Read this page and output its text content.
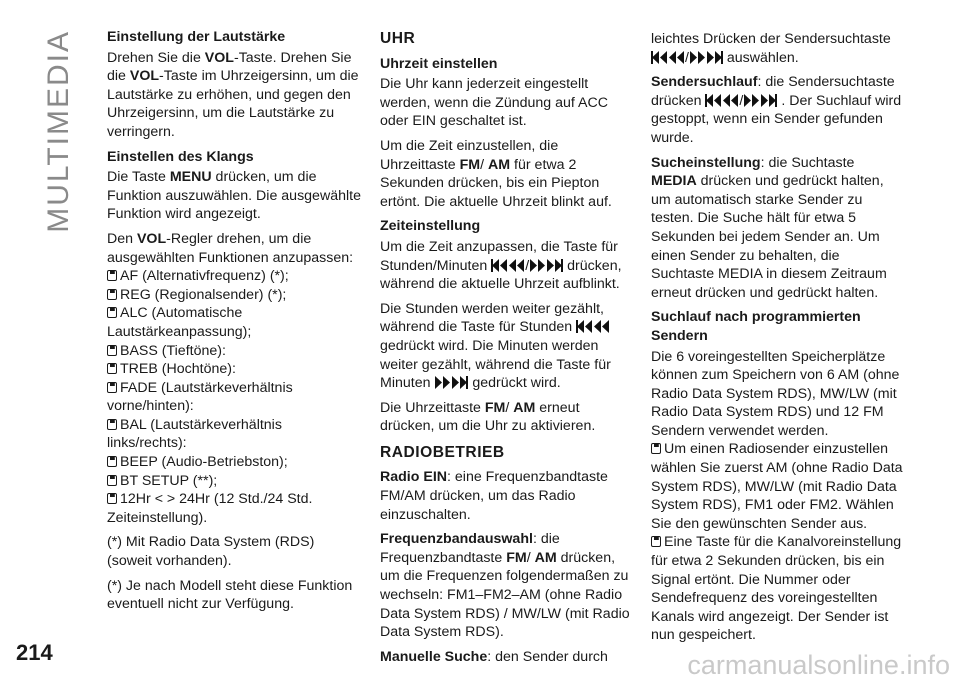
MULTIMEDIA
214	carmanualsonline.info
Einstellung der Lautstärke

Drehen Sie die VOL-Taste. Drehen Sie die VOL-Taste im Uhrzeigersinn, um die Lautstärke zu erhöhen, und gegen den Uhrzeigersinn, um die Lautstärke zu verringern.

Einstellen des Klangs

Die Taste MENU drücken, um die Funktion auszuwählen. Die ausgewählte Funktion wird angezeigt.

Den VOL-Regler drehen, um die ausgewählten Funktionen anzupassen:

AF (Alternativfrequenz) (*);

REG (Regionalsender) (*);

ALC (Automatische Lautstärkeanpassung);

BASS (Tieftöne):

TREB (Hochtöne):

FADE (Lautstärkeverhältnis vorne/hinten):

BAL (Lautstärkeverhältnis links/rechts):

BEEP (Audio-Betriebston);

BT SETUP (**);

12Hr < > 24Hr (12 Std./24 Std. Zeiteinstellung).

(*) Mit Radio Data System (RDS) (soweit vorhanden).

(*) Je nach Modell steht diese Funktion eventuell nicht zur Verfügung.

UHR
Uhrzeit einstellen

Die Uhr kann jederzeit eingestellt werden, wenn die Zündung auf ACC oder EIN geschaltet ist.

Um die Zeit einzustellen, die Uhrzeittaste FM/ AM für etwa 2 Sekunden drücken, bis ein Piepton ertönt. Die aktuelle Uhrzeit blinkt auf.

Zeiteinstellung

Um die Zeit anzupassen, die Taste für Stunden/Minuten
/
drücken, während die aktuelle Uhrzeit aufblinkt.

Die Stunden werden weiter gezählt, während die Taste für Stunden
gedrückt wird. Die Minuten werden weiter gezählt, während die Taste für Minuten
gedrückt wird.

Die Uhrzeittaste FM/ AM erneut drücken, um die Uhr zu aktivieren.

RADIOBETRIEB

Radio EIN: eine Frequenzbandtaste FM/AM drücken, um das Radio einzuschalten.

Frequenzbandauswahl: die Frequenzbandtaste FM/ AM drücken, um die Frequenzen folgendermaßen zu wechseln: FM1–FM2–AM (ohne Radio Data System RDS) / MW/LW (mit Radio Data System RDS).

Manuelle Suche: den Sender durch

leichtes Drücken der Sendersuchtaste
/
auswählen.

Sendersuchlauf: die Sendersuchtaste drücken
/
. Der Suchlauf wird gestoppt, wenn ein Sender gefunden wurde.

Sucheinstellung: die Suchtaste MEDIA drücken und gedrückt halten, um automatisch starke Sender zu testen. Die Suche hält für etwa 5 Sekunden bei jedem Sender an. Um einen Sender zu behalten, die Suchtaste MEDIA in diesem Zeitraum erneut drücken und gedrückt halten.

Suchlauf nach programmierten Sendern

Die 6 voreingestellten Speicherplätze können zum Speichern von 6 AM (ohne Radio Data System RDS), MW/LW (mit Radio Data System RDS) und 12 FM Sendern verwendet werden.

Um einen Radiosender einzustellen wählen Sie zuerst AM (ohne Radio Data System RDS), MW/LW (mit Radio Data System RDS), FM1 oder FM2. Wählen Sie den gewünschten Sender aus.

Eine Taste für die Kanalvoreinstellung für etwa 2 Sekunden drücken, bis ein Signal ertönt. Die Nummer oder Sendefrequenz des voreingestellten Kanals wird angezeigt. Der Sender ist nun gespeichert.
